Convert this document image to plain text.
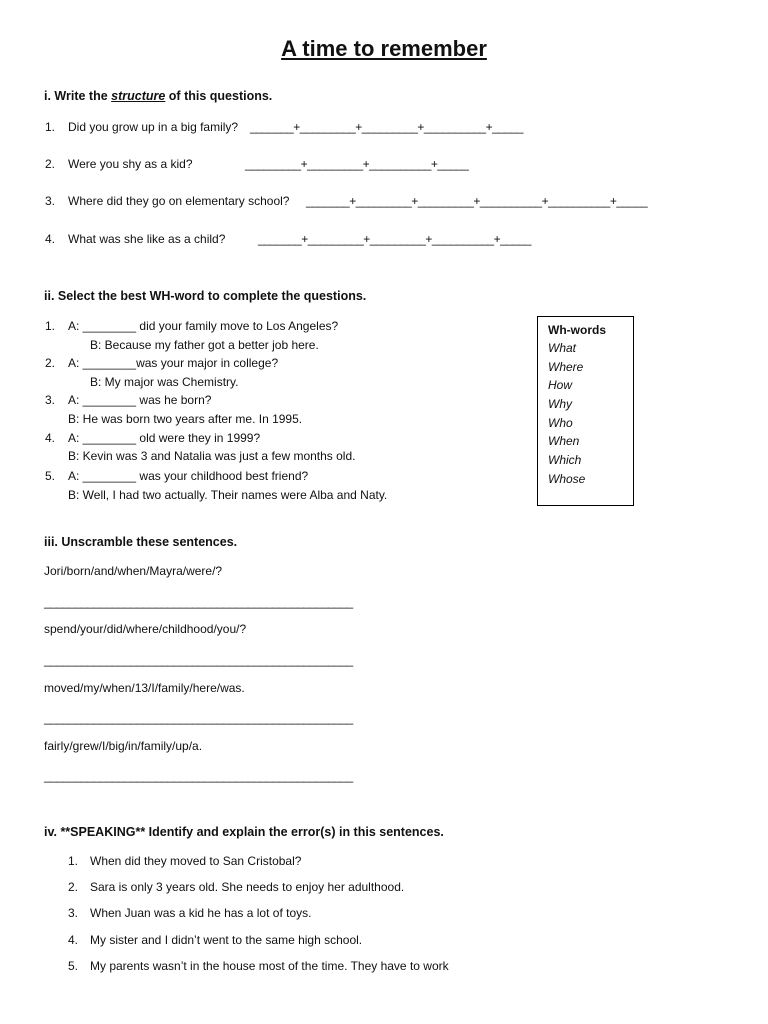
A time to remember
i. Write the structure of this questions.
1. Did you grow up in a big family? _______+_________+_________+__________+_____
2. Were you shy as a kid?	_________+_________+__________+_____
3. Where did they go on elementary school? _______+_________+_________+__________+__________+_____
4. What was she like as a child?	_______+_________+_________+__________+_____
ii. Select the best WH-word to complete the questions.
1. A: ________ did your family move to Los Angeles?
B: Because my father got a better job here.
2. A: ________was your major in college?
B: My major was Chemistry.
3. A: ________ was he born?
B: He was born two years after me. In 1995.
4. A: ________ old were they in 1999?
B: Kevin was 3 and Natalia was just a few months old.
5. A: ________ was your childhood best friend?
B: Well, I had two actually. Their names were Alba and Naty.
Wh-words
What
Where
How
Why
Who
When
Which
Whose
iii. Unscramble these sentences.
Jori/born/and/when/Mayra/were/?
__________________________________________________
spend/your/did/where/childhood/you/?
__________________________________________________
moved/my/when/13/I/family/here/was.
__________________________________________________
fairly/grew/I/big/in/family/up/a.
__________________________________________________
iv. **SPEAKING** Identify and explain the error(s) in this sentences.
1. When did they moved to San Cristobal?
2. Sara is only 3 years old. She needs to enjoy her adulthood.
3. When Juan was a kid he has a lot of toys.
4. My sister and I didn’t went to the same high school.
5. My parents wasn’t in the house most of the time. They have to work
